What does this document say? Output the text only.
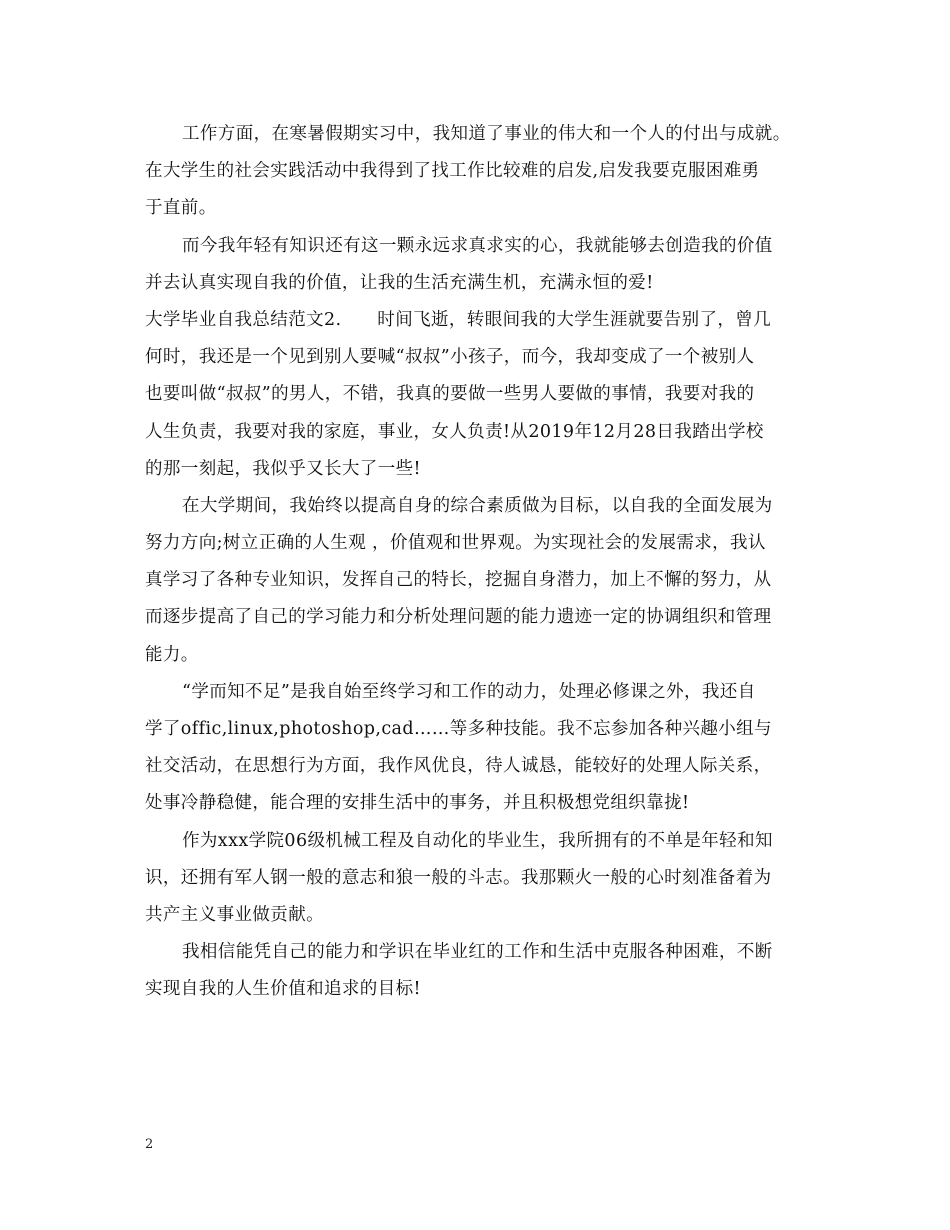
工作方面，在寒暑假期实习中，我知道了事业的伟大和一个人的付出与成就。
在大学生的社会实践活动中我得到了找工作比较难的启发,启发我要克服困难勇
于直前。
而今我年轻有知识还有这一颗永远求真求实的心，我就能够去创造我的价值
并去认真实现自我的价值，让我的生活充满生机，充满永恒的爱!
大学毕业自我总结范文2.　　时间飞逝，转眼间我的大学生涯就要告别了，曾几
何时，我还是一个见到别人要喊“叔叔”小孩子，而今，我却变成了一个被别人
也要叫做“叔叔”的男人，不错，我真的要做一些男人要做的事情，我要对我的
人生负责，我要对我的家庭，事业，女人负责!从2019年12月28日我踏出学校
的那一刻起，我似乎又长大了一些!
在大学期间，我始终以提高自身的综合素质做为目标，以自我的全面发展为
努力方向;树立正确的人生观 ，价值观和世界观。为实现社会的发展需求，我认
真学习了各种专业知识，发挥自己的特长，挖掘自身潜力，加上不懈的努力，从
而逐步提高了自己的学习能力和分析处理问题的能力遗迹一定的协调组织和管理
能力。
“学而知不足”是我自始至终学习和工作的动力，处理必修课之外，我还自
学了offic,linux,photoshop,cad……等多种技能。我不忘参加各种兴趣小组与
社交活动，在思想行为方面，我作风优良，待人诚恳，能较好的处理人际关系，
处事冷静稳健，能合理的安排生活中的事务，并且积极想党组织靠拢!
作为xxx学院06级机械工程及自动化的毕业生，我所拥有的不单是年轻和知
识，还拥有军人钢一般的意志和狼一般的斗志。我那颗火一般的心时刻准备着为
共产主义事业做贡献。
我相信能凭自己的能力和学识在毕业红的工作和生活中克服各种困难，不断
实现自我的人生价值和追求的目标!
2
